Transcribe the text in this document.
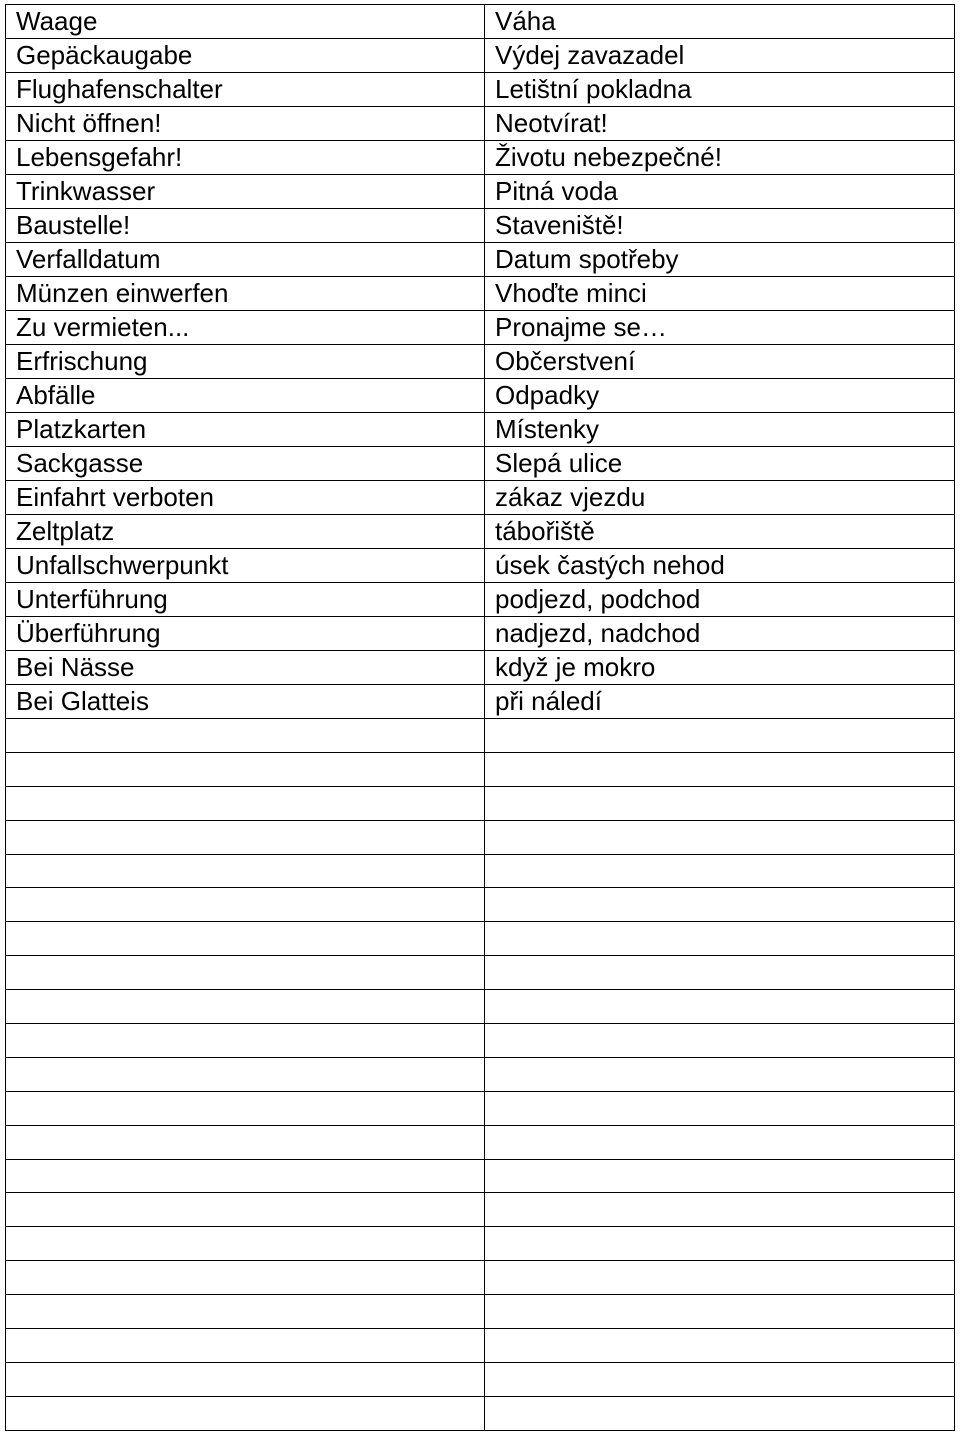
Waage	Váha
Gepäckaugabe	Výdej zavazadel
Flughafenschalter	Letištní pokladna
Nicht öffnen!	Neotvírat!
Lebensgefahr!	Životu nebezpečné!
Trinkwasser	Pitná voda
Baustelle!	Staveniště!
Verfalldatum	Datum spotřeby
Münzen einwerfen	Vhoďte minci
Zu vermieten...	Pronajme se…
Erfrischung	Občerstvení
Abfälle	Odpadky
Platzkarten	Místenky
Sackgasse	Slepá ulice
Einfahrt verboten	zákaz vjezdu
Zeltplatz	tábořiště
Unfallschwerpunkt	úsek častých nehod
Unterführung	podjezd, podchod
Überführung	nadjezd, nadchod
Bei Nässe	když je mokro
Bei Glatteis	při náledí
